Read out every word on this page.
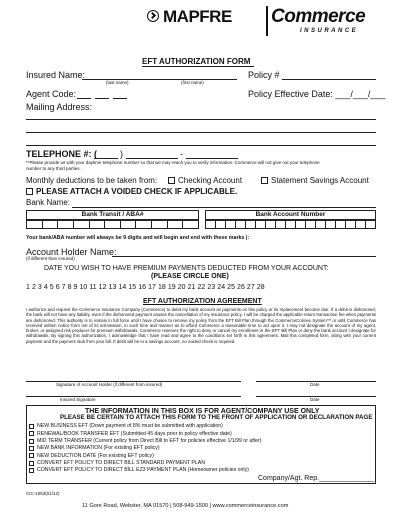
MAPFRE Commerce
INSURANCE
EFT AUTHORIZATION FORM
Insured Name:
(last name)	(first name)
Policy #
Agent Code:	Policy Effective Date: ___/___/___
Mailing Address:
TELEPHONE #: (	)	-
**Please provide us with your daytime telephone number so that we may reach you to verify information. Commerce will not give out your telephone
number to any third parties.
Monthly deductions to be taken from:	Checking Account	Statement Savings Account
PLEASE ATTACH A VOIDED CHECK IF APPLICABLE.
Bank Name:
Bank Transit / ABA#	Bank Account Number

Your bank/ABA number will always be 9 digits and will begin and end with these marks |:
Account Holder Name:
(if different than insured)
DATE YOU WISH TO HAVE PREMIUM PAYMENTS DEDUCTED FROM YOUR ACCOUNT:
(PLEASE CIRCLE ONE)
1 2 3 4 5 6 7 8 9 10 11 12 13 14 15 16 17 18 19 20 21 22 23 24 25 26 27 28
EFT AUTHORIZATION AGREEMENT
I authorize and request the Commerce Insurance Company (Commerce) to debit my bank account as payments on this policy or its replacement become due. If a debit is dishonored, the bank will not have any liability, even if the dishonored payment causes the cancellation of my insurance policy. I will be charged the applicable return transaction fee when payments are dishonored. This authority is to remain in full force until I have chosen to remove my policy from the EFT Bill Plan through the CommerceConnex System™ or until Commerce has received written notice from me of its termination, in such time and manner as to afford Commerce a reasonable time to act upon it. I may not designate the account of my agent, broker, or assigned risk producer for premium withdrawals. Commerce reserves the right to deny or cancel my enrollment in the EFT Bill Plan or deny the bank account I designate for withdrawals. By signing this authorization, I acknowledge that I have read and agree to the conditions set forth in this agreement. Mail this completed form, along with your current payment and the payment stub from your bill. If debit will be to a savings account, no voided check is required.
Signature of Account Holder (if different from insured)	Date
Insured Signature	Date
THE INFORMATION IN THIS BOX IS FOR AGENT/COMPANY USE ONLY
PLEASE BE CERTAIN TO ATTACH THIS FORM TO THE FRONT OF APPLICATION OR DECLARATION PAGE
NEW BUSINESS EFT (Down payment of 8% must be submitted with application)
RENEWAL/BOOK TRANSFER EFT (Submitted 45 days prior to policy effective date)
MID TERM TRANSFER (Current policy from Direct Bill to EFT for policies effective 1/1/99 or after)
NEW BANK INFORMATION (For existing EFT policy)
NEW DEDUCTION DATE (For existing EFT policy)
CONVERT EFT POLICY TO DIRECT BILL STANDARD PAYMENT PLAN
CONVERT EFT POLICY TO DIRECT BILL EZ3 PAYMENT PLAN (Homeowner policies only)
Company/Agt. Rep.______________
CIC-1053(01/12)
11 Gore Road, Webster, MA 01570 | 508-949-1500 | www.commerceinsurance.com
